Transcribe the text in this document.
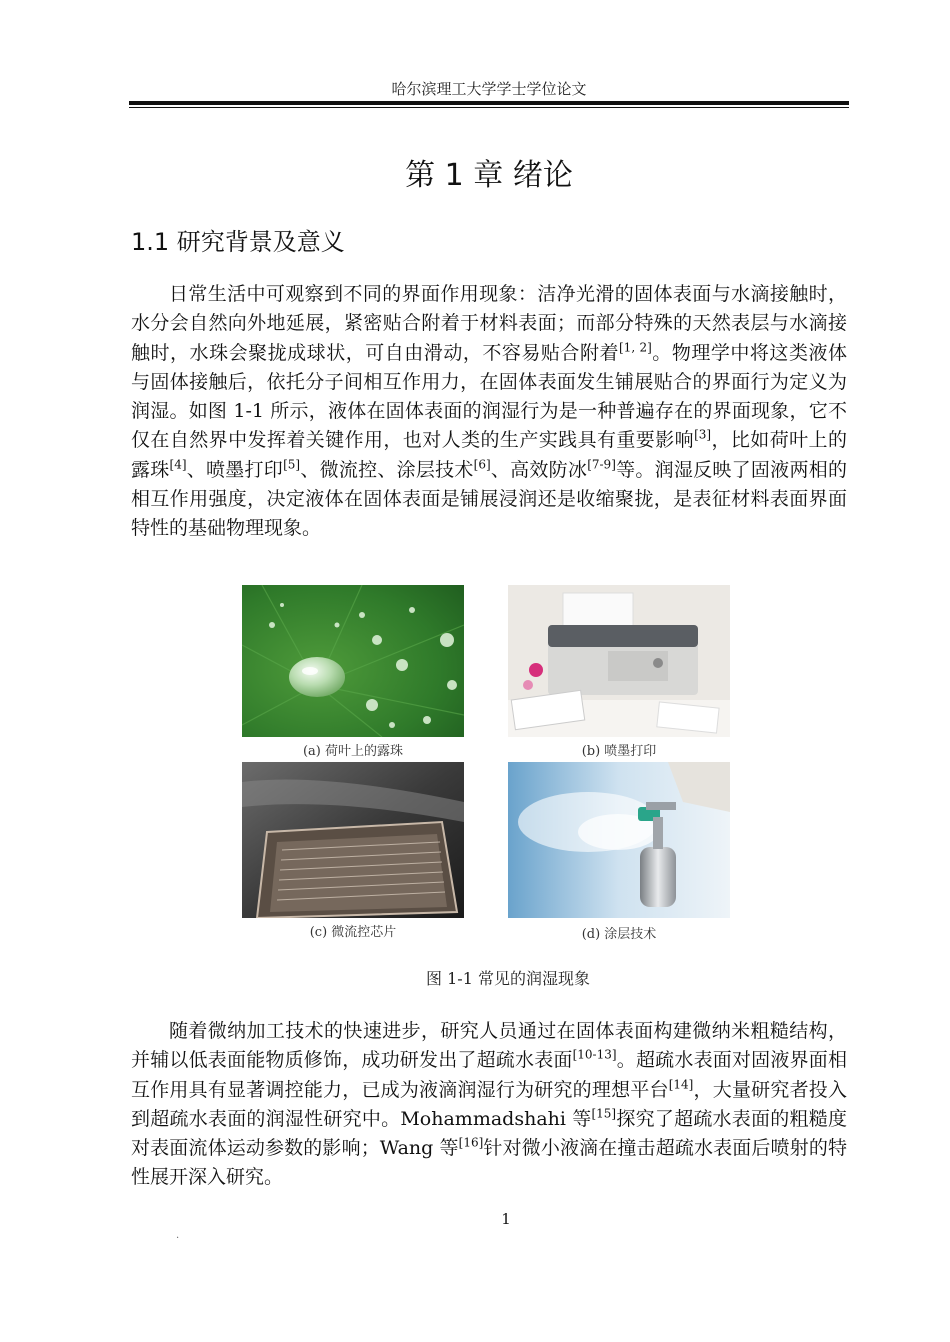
哈尔滨理工大学学士学位论文
第 1 章 绪论
1.1 研究背景及意义

日常生活中可观察到不同的界面作用现象：洁净光滑的固体表面与水滴接触时，水分会自然向外地延展，紧密贴合附着于材料表面；而部分特殊的天然表层与水滴接触时，水珠会聚拢成球状，可自由滑动，不容易贴合附着[1, 2]。物理学中将这类液体与固体接触后，依托分子间相互作用力，在固体表面发生铺展贴合的界面行为定义为润湿。如图 1-1 所示，液体在固体表面的润湿行为是一种普遍存在的界面现象，它不仅在自然界中发挥着关键作用，也对人类的生产实践具有重要影响[3]，比如荷叶上的露珠[4]、喷墨打印[5]、微流控、涂层技术[6]、高效防冰[7-9]等。润湿反映了固液两相的相互作用强度，决定液体在固体表面是铺展浸润还是收缩聚拢，是表征材料表面界面特性的基础物理现象。

(a) 荷叶上的露珠	(b) 喷墨打印
(c) 微流控芯片	(d) 涂层技术
图 1-1 常见的润湿现象

随着微纳加工技术的快速进步，研究人员通过在固体表面构建微纳米粗糙结构，并辅以低表面能物质修饰，成功研发出了超疏水表面[10-13]。超疏水表面对固液界面相互作用具有显著调控能力，已成为液滴润湿行为研究的理想平台[14]，大量研究者投入到超疏水表面的润湿性研究中。Mohammadshahi 等[15]探究了超疏水表面的粗糙度对表面流体运动参数的影响；Wang 等[16]针对微小液滴在撞击超疏水表面后喷射的特性展开深入研究。

1
.
